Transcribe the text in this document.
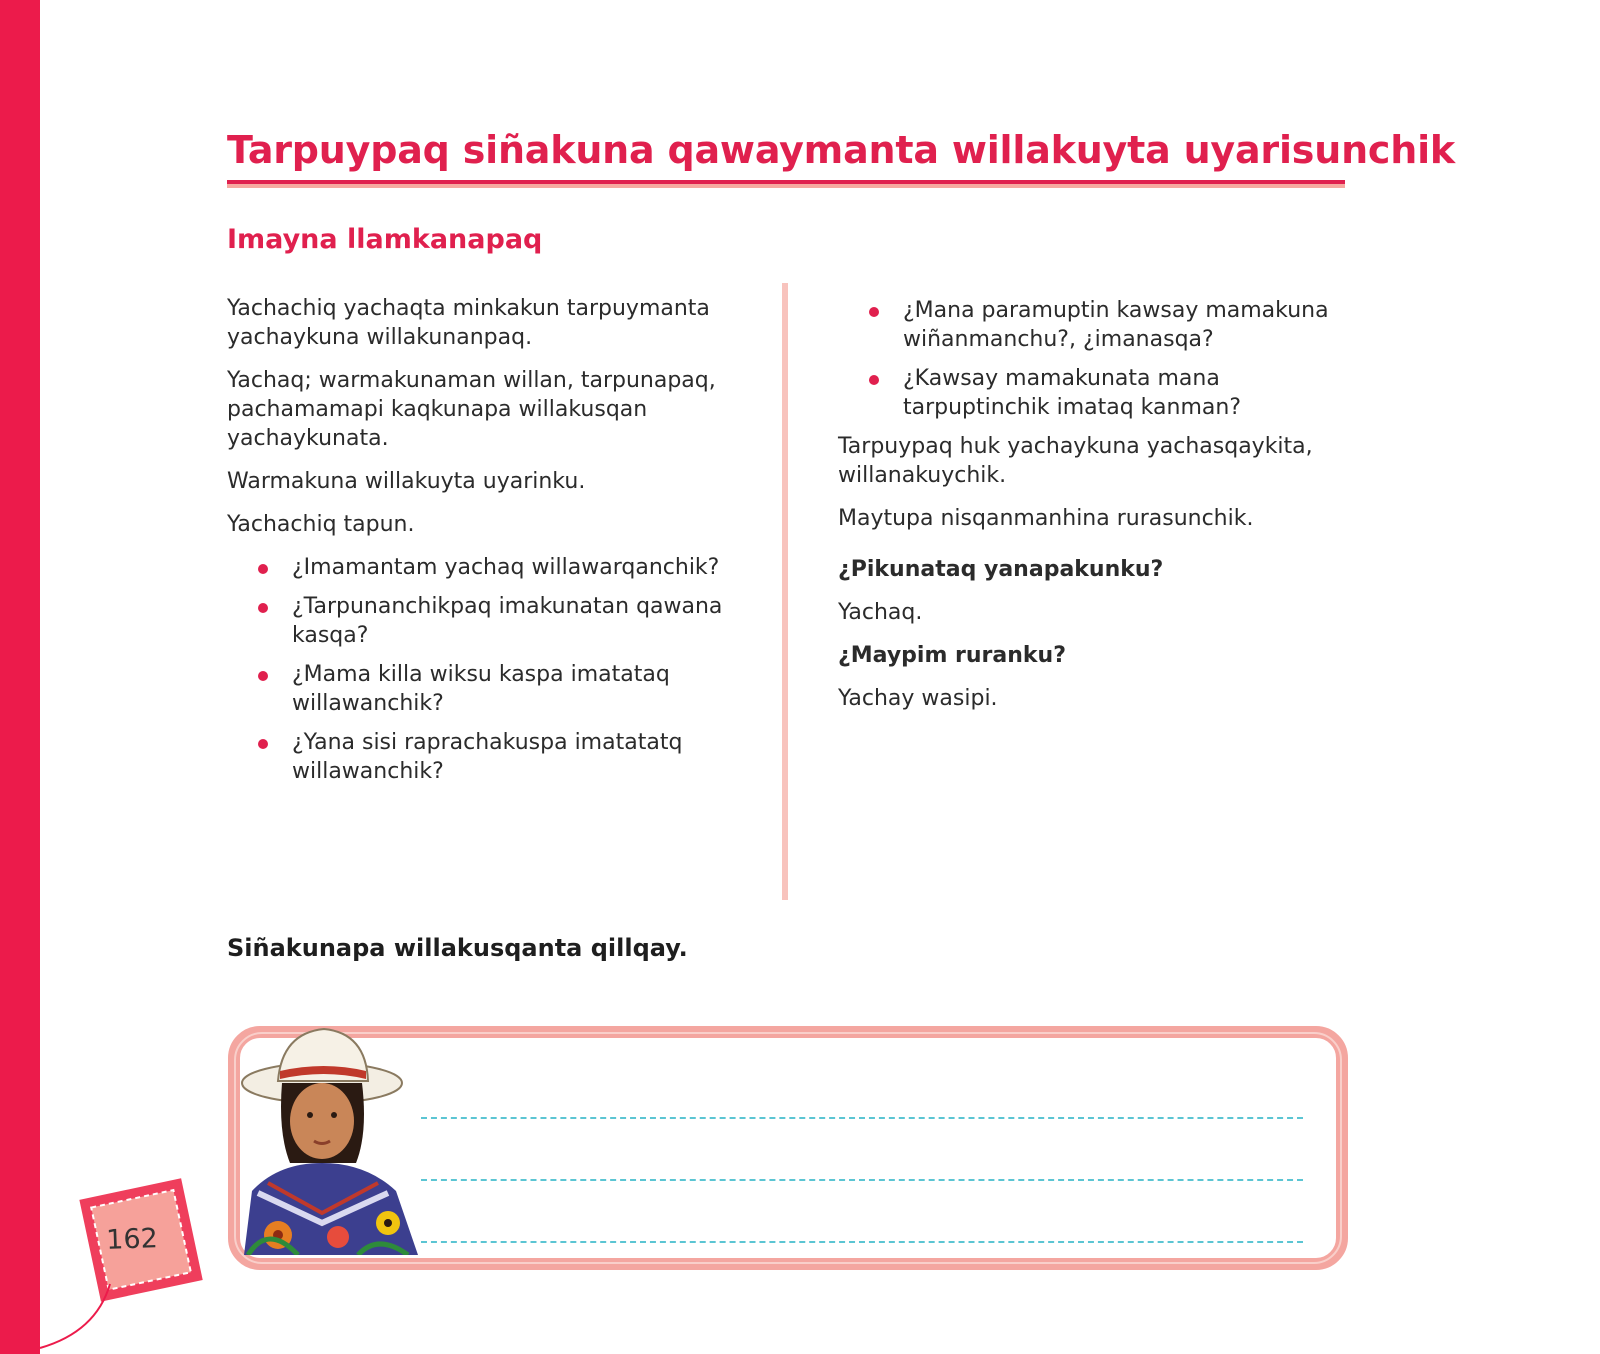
Tarpuypaq siñakuna qawaymanta willakuyta uyarisunchik
Imayna llamkanapaq

Yachachiq yachaqta minkakun tarpuymanta yachaykuna willakunanpaq.

Yachaq; warmakunaman willan, tarpunapaq, pachamamapi kaqkunapa willakusqan yachaykunata.

Warmakuna willakuyta uyarinku.

Yachachiq tapun.

¿Imamantam yachaq willawarqanchik?
¿Tarpunanchikpaq imakunatan qawana kasqa?
¿Mama killa wiksu kaspa imatataq willawanchik?
¿Yana sisi raprachakuspa imatatatq willawanchik?
¿Mana paramuptin kawsay mamakuna wiñanmanchu?, ¿imanasqa?
¿Kawsay mamakunata mana tarpuptinchik imataq kanman?

Tarpuypaq huk yachaykuna yachasqaykita, willanakuychik.

Maytupa nisqanmanhina rurasunchik.

¿Pikunataq yanapakunku?

Yachaq.

¿Maypim ruranku?

Yachay wasipi.

Siñakunapa willakusqanta qillqay.
162
